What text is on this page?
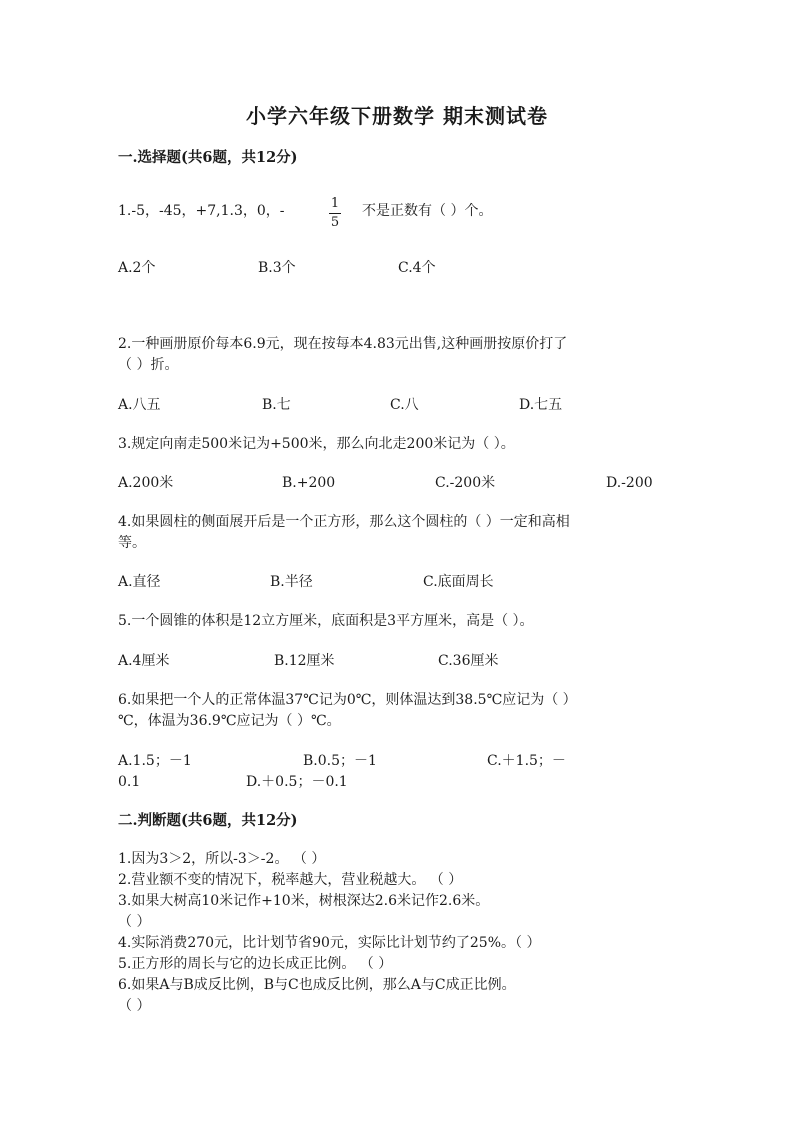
小学六年级下册数学 期末测试卷
一.选择题(共6题，共12分)
1.-5，-45，+7,1.3，0，-	1
5
不是正数有（ ）个。
A.2个	B.3个	C.4个
2.一种画册原价每本6.9元，现在按每本4.83元出售,这种画册按原价打了
（ ）折。
A.八五	B.七	C.八	D.七五
3.规定向南走500米记为+500米，那么向北走200米记为（ ）。
A.200米	B.+200	C.-200米	D.-200
4.如果圆柱的侧面展开后是一个正方形，那么这个圆柱的（ ）一定和高相
等。
A.直径	B.半径	C.底面周长
5.一个圆锥的体积是12立方厘米，底面积是3平方厘米，高是（ ）。
A.4厘米	B.12厘米	C.36厘米
6.如果把一个人的正常体温37℃记为0℃，则体温达到38.5℃应记为（ ）
℃，体温为36.9℃应记为（ ）℃。
A.1.5；－1	B.0.5；－1	C.＋1.5；－
0.1	D.＋0.5；－0.1
二.判断题(共6题，共12分)
1.因为3＞2，所以-3＞-2。 （ ）
2.营业额不变的情况下，税率越大，营业税越大。 （ ）
3.如果大树高10米记作+10米，树根深达2.6米记作2.6米。
（ ）
4.实际消费270元，比计划节省90元，实际比计划节约了25%。（ ）
5.正方形的周长与它的边长成正比例。 （ ）
6.如果A与B成反比例，B与C也成反比例，那么A与C成正比例。
（ ）
